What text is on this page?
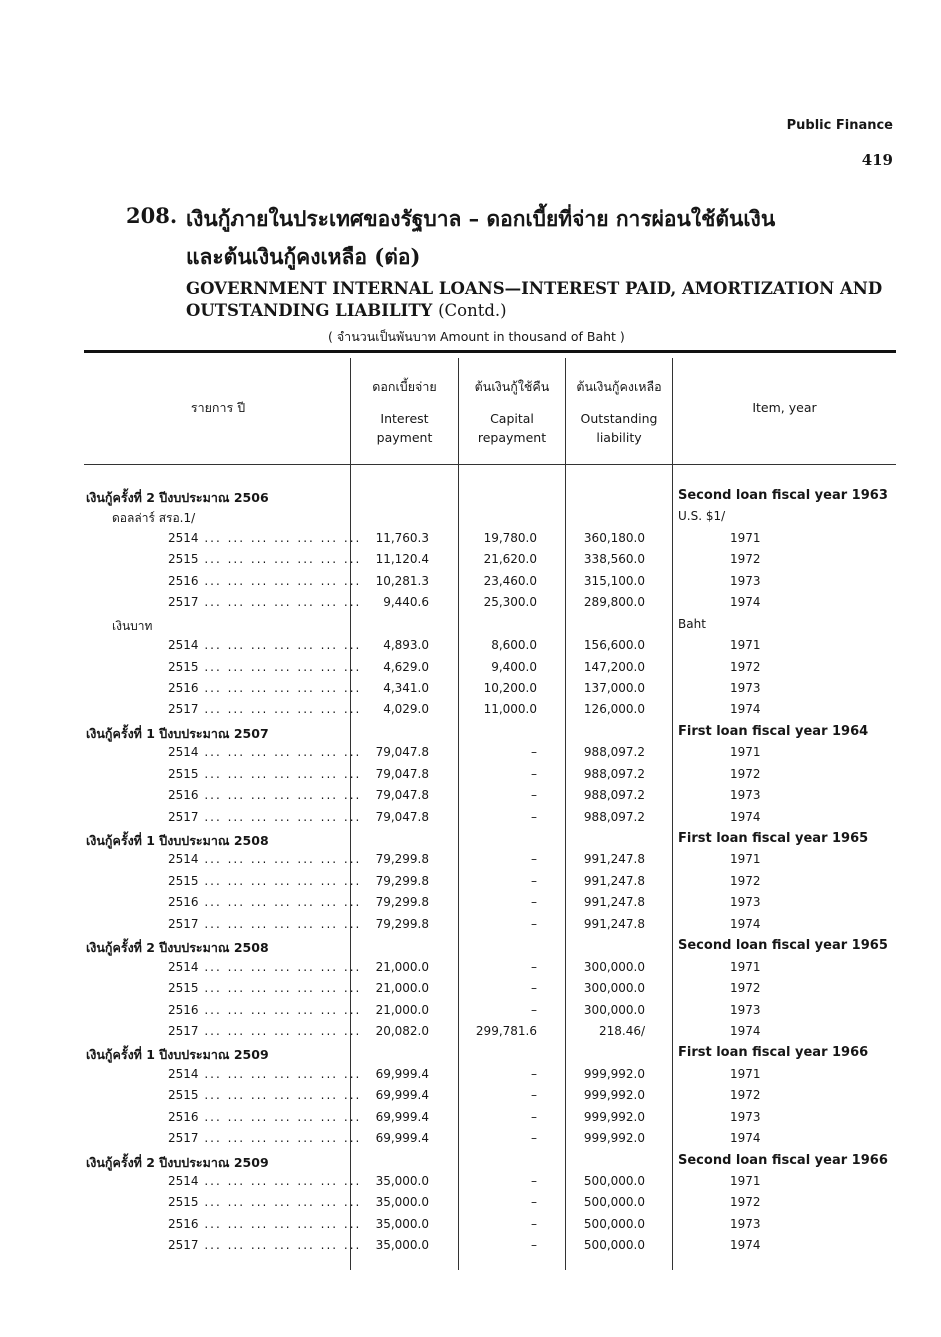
Public Finance
419
208. เงินกู้ภายในประเทศของรัฐบาล – ดอกเบี้ยที่จ่าย การผ่อนใช้ต้นเงิน
และต้นเงินกู้คงเหลือ (ต่อ)
GOVERNMENT INTERNAL LOANS—INTEREST PAID, AMORTIZATION AND
OUTSTANDING LIABILITY (Contd.)
( จำนวนเป็นพันบาท Amount in thousand of Baht )
รายการ ปี
ดอกเบี้ยจ่าย
Interest
payment
ต้นเงินกู้ใช้คืน
Capital
repayment
ต้นเงินกู้คงเหลือ
Outstanding
liability
Item, year
เงินกู้ครั้งที่ 2 ปีงบประมาณ 2506	Second loan fiscal year 1963
ดอลล่าร์ สรอ.1/	U.S. $1/
2514 ... ... ... ... ... ... ... 11,760.3	19,780.0	360,180.0	1971
2515 ... ... ... ... ... ... ... 11,120.4	21,620.0	338,560.0	1972
2516 ... ... ... ... ... ... ... 10,281.3	23,460.0	315,100.0	1973
2517 ... ... ... ... ... ... ... 9,440.6	25,300.0	289,800.0	1974
เงินบาท	Baht
2514 ... ... ... ... ... ... ... 4,893.0	8,600.0	156,600.0	1971
2515 ... ... ... ... ... ... ... 4,629.0	9,400.0	147,200.0	1972
2516 ... ... ... ... ... ... ... 4,341.0	10,200.0	137,000.0	1973
2517 ... ... ... ... ... ... ... 4,029.0	11,000.0	126,000.0	1974
เงินกู้ครั้งที่ 1 ปีงบประมาณ 2507	First loan fiscal year 1964
2514 ... ... ... ... ... ... ... 79,047.8	–	988,097.2	1971
2515 ... ... ... ... ... ... ... 79,047.8	–	988,097.2	1972
2516 ... ... ... ... ... ... ... 79,047.8	–	988,097.2	1973
2517 ... ... ... ... ... ... ... 79,047.8	–	988,097.2	1974
เงินกู้ครั้งที่ 1 ปีงบประมาณ 2508	First loan fiscal year 1965
2514 ... ... ... ... ... ... ... 79,299.8	–	991,247.8	1971
2515 ... ... ... ... ... ... ... 79,299.8	–	991,247.8	1972
2516 ... ... ... ... ... ... ... 79,299.8	–	991,247.8	1973
2517 ... ... ... ... ... ... ... 79,299.8	–	991,247.8	1974
เงินกู้ครั้งที่ 2 ปีงบประมาณ 2508	Second loan fiscal year 1965
2514 ... ... ... ... ... ... ... 21,000.0	–	300,000.0	1971
2515 ... ... ... ... ... ... ... 21,000.0	–	300,000.0	1972
2516 ... ... ... ... ... ... ... 21,000.0	–	300,000.0	1973
2517 ... ... ... ... ... ... ... 20,082.0	299,781.6	218.46/	1974
เงินกู้ครั้งที่ 1 ปีงบประมาณ 2509	First loan fiscal year 1966
2514 ... ... ... ... ... ... ... 69,999.4	–	999,992.0	1971
2515 ... ... ... ... ... ... ... 69,999.4	–	999,992.0	1972
2516 ... ... ... ... ... ... ... 69,999.4	–	999,992.0	1973
2517 ... ... ... ... ... ... ... 69,999.4	–	999,992.0	1974
เงินกู้ครั้งที่ 2 ปีงบประมาณ 2509	Second loan fiscal year 1966
2514 ... ... ... ... ... ... ... 35,000.0	–	500,000.0	1971
2515 ... ... ... ... ... ... ... 35,000.0	–	500,000.0	1972
2516 ... ... ... ... ... ... ... 35,000.0	–	500,000.0	1973
2517 ... ... ... ... ... ... ... 35,000.0	–	500,000.0	1974
